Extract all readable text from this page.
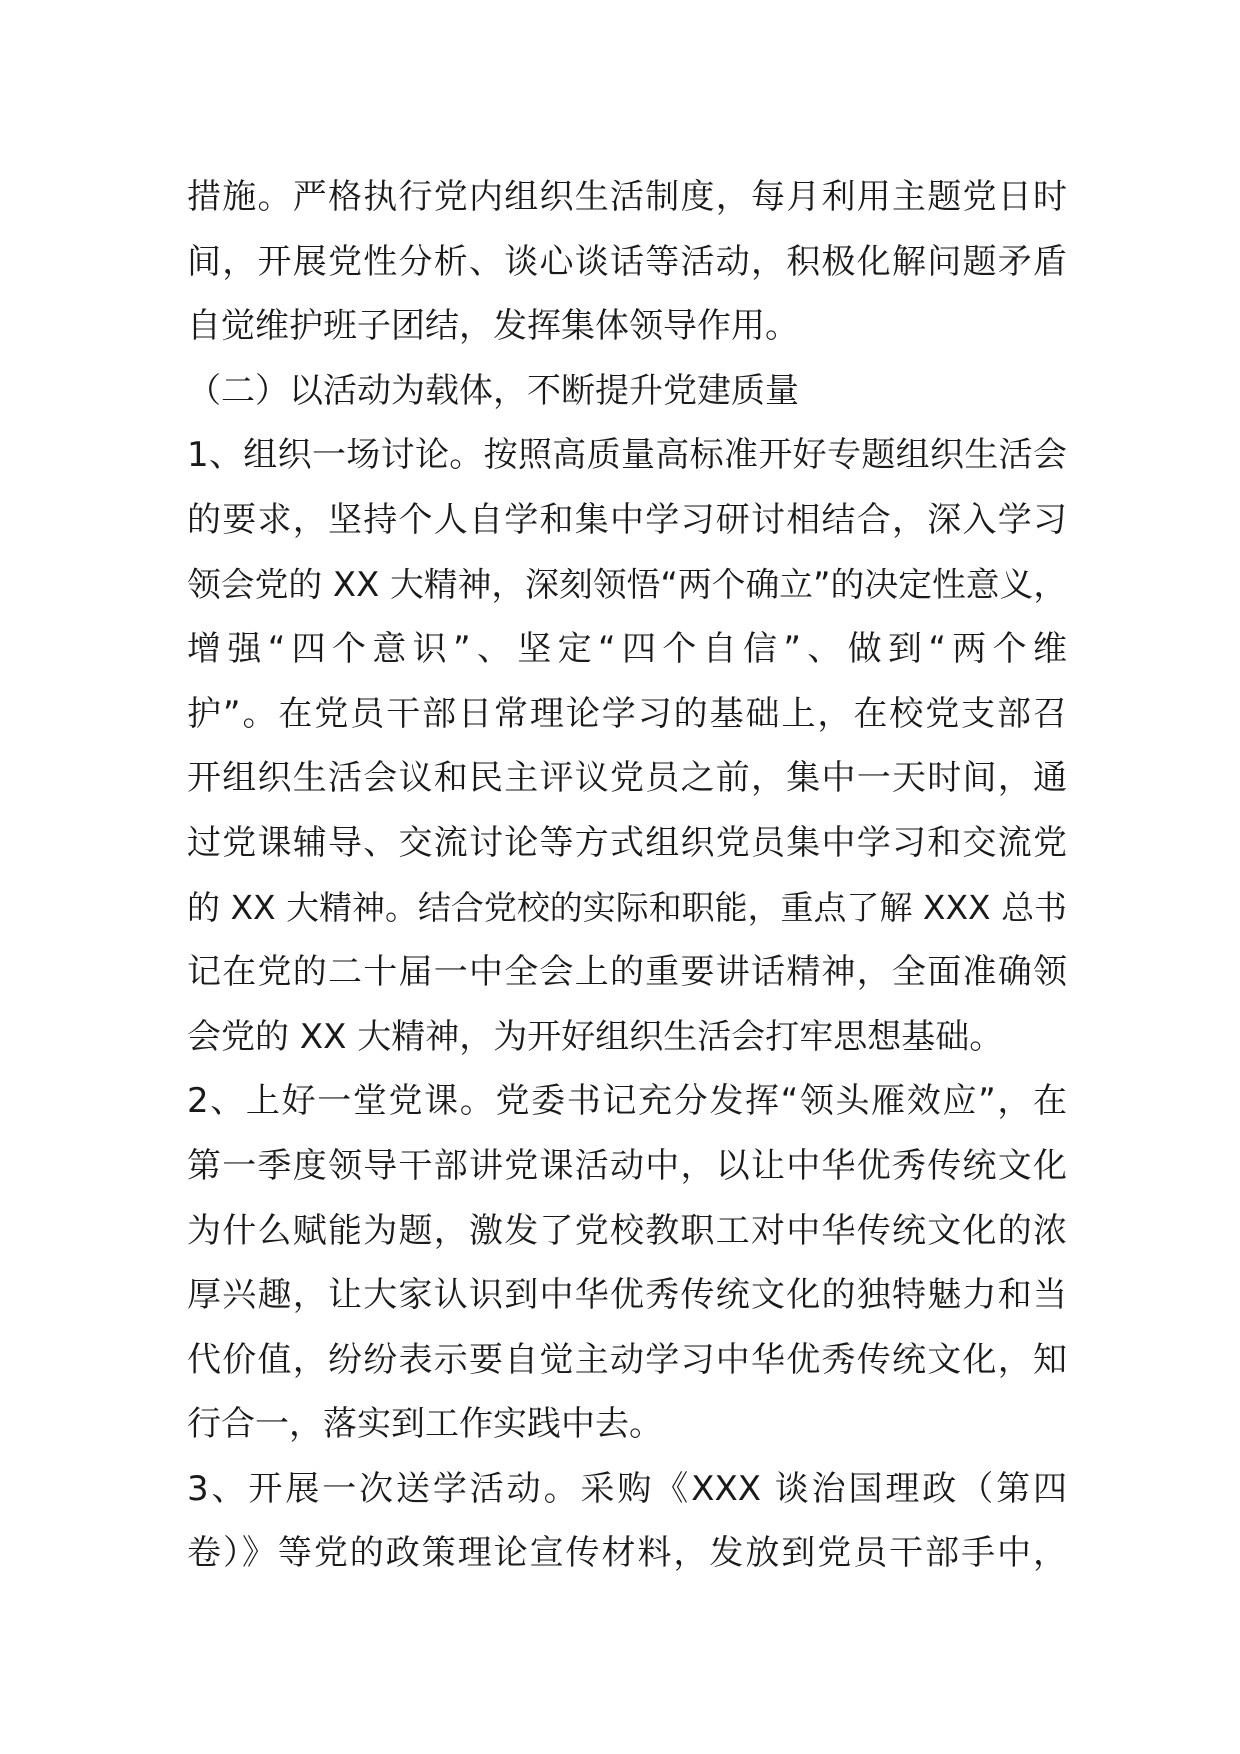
措施。严格执行党内组织生活制度，每月利用主题党日时
间，开展党性分析、谈心谈话等活动，积极化解问题矛盾
自觉维护班子团结，发挥集体领导作用。
（二）以活动为载体，不断提升党建质量
1、组织一场讨论。按照高质量高标准开好专题组织生活会
的要求，坚持个人自学和集中学习研讨相结合，深入学习
领会党的 XX 大精神，深刻领悟“两个确立”的决定性意义，
增强“四个意识”、坚定“四个自信”、做到“两个维
护”。在党员干部日常理论学习的基础上，在校党支部召
开组织生活会议和民主评议党员之前，集中一天时间，通
过党课辅导、交流讨论等方式组织党员集中学习和交流党
的 XX 大精神。结合党校的实际和职能，重点了解 XXX 总书
记在党的二十届一中全会上的重要讲话精神，全面准确领
会党的 XX 大精神，为开好组织生活会打牢思想基础。
2、上好一堂党课。党委书记充分发挥“领头雁效应”，在
第一季度领导干部讲党课活动中，以让中华优秀传统文化
为什么赋能为题，激发了党校教职工对中华传统文化的浓
厚兴趣，让大家认识到中华优秀传统文化的独特魅力和当
代价值，纷纷表示要自觉主动学习中华优秀传统文化，知
行合一，落实到工作实践中去。
3、开展一次送学活动。采购《XXX 谈治国理政（第四
卷）》等党的政策理论宣传材料，发放到党员干部手中，
